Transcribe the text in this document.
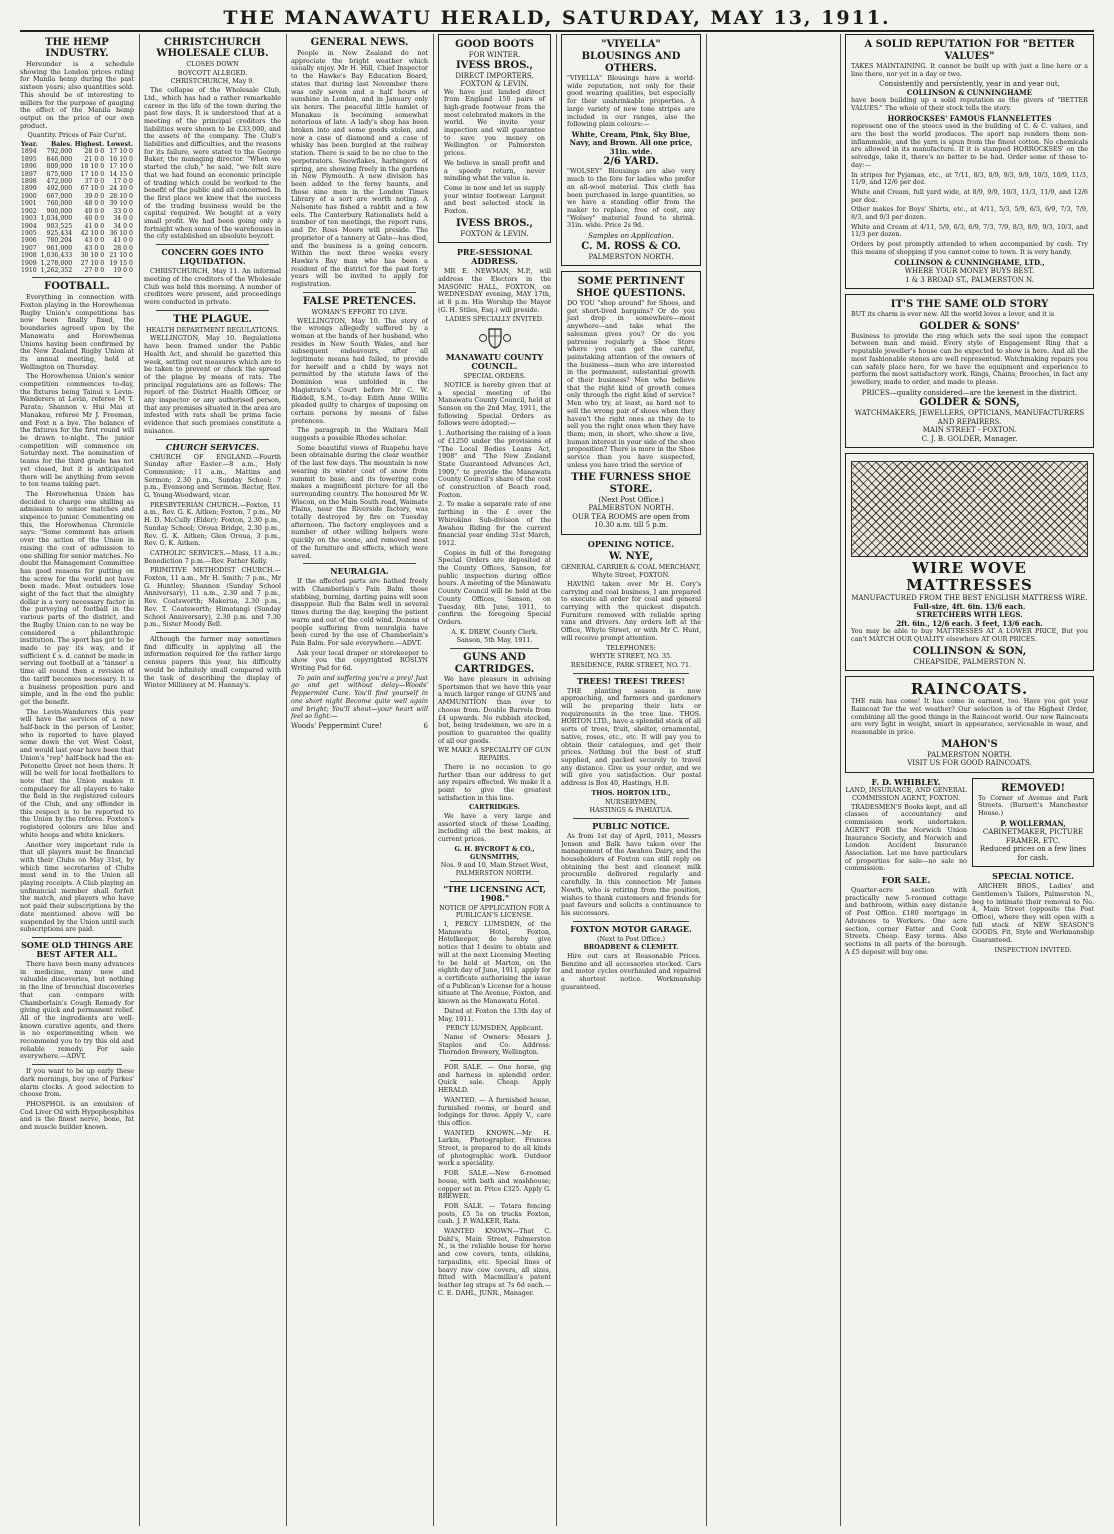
THE MANAWATU HERALD, SATURDAY, MAY 13, 1911.
THE HEMP INDUSTRY.

Hereunder is a schedule showing the London prices ruling for Manila hemp during the past sixteen years; also quantities sold. This should be of interesting to millers for the purpose of gauging the effect of the Manila hemp output on the price of our own product.

Quantity. Prices of Fair Cur'nt.
Year.	Bales.	Highest.	Lowest.
1894	792,000	28 0 0	17 10 0
1895	846,000	21 0 0	16 10 0
1896	809,000	18 10 0	17 10 0
1897	875,000	17 10 0	14 15 0
1898	472,000	37 0 0	17 0 0
1899	492,000	67 10 0	24 10 0
1900	667,000	39 0 0	28 10 0
1901	760,000	48 0 0	39 10 0
1902	900,000	49 0 0	33 0 0
1903	1,034,000	40 0 0	34 0 0
1904	903,525	41 0 0	34 0 0
1905	925,434	42 10 0	36 10 0
1906	780,204	43 0 0	41 0 0
1907	961,000	43 0 0	28 0 0
1908	1,036,433	30 10 0	21 10 0
1909	1,278,000	27 10 0	19 15 0
1910	1,262,352	27 0 0	19 0 0
FOOTBALL.

Everything in connection with Foxton playing in the Horowhenua Rugby Union's competitions has now been finally fixed, the boundaries agreed upon by the Manawatu and Horowhenua Unions having been confirmed by the New Zealand Rugby Union at its annual meeting, held at Wellington on Thursday.

The Horowhenua Union's senior competition commences to-day, the fixtures being Tainui v. Levin-Wanderers at Levin, referee M T. Parata; Shannon v. Hui Mai at Manakau, referee Mr J. Freeman, and Foxt n a bye. The balance of the fixtures for the first round will be drawn to-night. The junior competition will commence on Saturday next. The nomination of teams for the third grade has not yet closed, but it is anticipated there will be anything from seven to ten teams taking part.

The Horowhenua Union has decided to charge one shilling as admission to senior matches and sixpence to junior. Commenting on this, the Horowhenua Chronicle says: "Some comment has arisen over the action of the Union in raising the cost of admission to one shilling for senior matches. No doubt the Management Committee has good reasons for putting on the screw for the world not have been made. Most outsiders lose sight of the fact that the almighty dollar is a very necessary factor in the purveying of football in the various parts of the district, and the Rugby Union can to no way be considered a philanthropic institution. The sport has got to be made to pay its way, and if sufficient £ s. d. cannot be made in serving out football at a 'tanner' a time all round then a revision of the tariff becomes necessary. It is a business proposition pure and simple, and in the end the public get the benefit.

The Levin-Wanderers this year will have the services of a new half-back in the person of Lester, who is reported to have played some down the vet West Coast, and would last year have been that Union's "rep" half-back had the ex-Petonette Greet not been there. It will be well for local footballers to note that the Union makes it compulsory for all players to take the field in the registered colours of the Club, and any offender in this respect is to be reported to the Union by the referee. Foxton's registered colours are blue and white hoops and white knickers.

Another very important rule is that all players must be financial with their Clubs on May 31st, by which time secretaries of Clubs must send in to the Union all playing receipts. A Club playing an unfinancial member shall forfeit the match, and players who have not paid their subscriptions by the date mentioned above will be suspended by the Union until such subscriptions are paid.

SOME OLD THINGS ARE BEST AFTER ALL.

There have been many advances in medicine, many new and valuable discoveries, but nothing in the line of bronchial discoveries that can compare with Chamberlain's Cough Remedy for giving quick and permanent relief. All of the ingredients are well-known curative agents, and there is no experimenting when we recommend you to try this old and reliable remedy. For sale everywhere.—ADVT.

If you want to be up early these dark mornings, buy one of Parkes' alarm clocks. A good selection to choose from.

PHOSPHOL is an emulsion of Cod Liver Oil with Hypophosphites and is the finest nerve, bone, fat and muscle builder known.

CHRISTCHURCH WHOLESALE CLUB.
CLOSES DOWN
BOYCOTT ALLEGED.
CHRISTCHURCH, May 9.

The collapse of the Wholesale Club, Ltd., which has had a rather remarkable career in the life of the town during the past few days. It is understood that at a meeting of the principal creditors the liabilities were shown to be £33,000, and the assets of the company. The Club's liabilities and difficulties, and the reasons for its failure, were stated to the George Baker, the managing director. "When we started the club," he said, "we felt sure that we had found an economic principle of trading which could be worked to the benefit of the public and all concerned. In the first place we knew that the success of the trading business would be the capital required. We bought at a very small profit. We had been going only a fortnight when some of the warehouses in the city established an absolute boycott.

CONCERN GOES INTO LIQUIDATION.

CHRISTCHURCH, May 11. An informal meeting of the creditors of the Wholesale Club was held this morning. A number of creditors were present, and proceedings were conducted in private.

THE PLAGUE.
HEALTH DEPARTMENT REGULATIONS.

WELLINGTON, May 10. Regulations have been framed under the Public Health Act, and should be gazetted this week, setting out measures which are to be taken to prevent or check the spread of the plague by means of rats. The principal regulations are as follows: The report of the District Health Officer, or any inspector or any authorised person, that any premises situated in the area are infested with rats shall be prima facie evidence that such premises constitute a nuisance.

CHURCH SERVICES.

CHURCH OF ENGLAND.—Fourth Sunday after Easter.—8 a.m., Holy Communion; 11 a.m., Mattins and Sermon; 2.30 p.m., Sunday School; 7 p.m., Evensong and Sermon. Rector, Rev. G. Young-Woodward, vicar.

PRESBYTERIAN CHURCH.—Foxton, 11 a.m., Rev. G. K. Aitken; Foxton, 7 p.m., Mr H. D. McCully (Elder); Foxton, 2.30 p.m., Sunday School; Oroua Bridge, 2.30 p.m., Rev. G. K. Aitken; Glen Oroua, 3 p.m., Rev. G. K. Aitken.

CATHOLIC SERVICES.—Mass, 11 a.m.; Benediction 7 p.m.—Rev. Father Kelly.

PRIMITIVE METHODIST CHURCH.—Foxton, 11 a.m., Mr H. Smith; 7 p.m., Mr G. Huntley; Shannon (Sunday School Anniversary), 11 a.m., 2.30 and 7 p.m., Rev. Coatsworth; Makerua, 2.30 p.m., Rev. T. Coatsworth; Himatangi (Sunday School Anniversary), 2.30 p.m. and 7.30 p.m., Sister Moody Bell.

Although the farmer may sometimes find difficulty in applying all the information required for the rather large census papers this year, his difficulty would be infinitely small compared with the task of describing the display of Winter Millinery at M. Hannay's.

GENERAL NEWS.

People in New Zealand do not appreciate the bright weather which usually enjoy. Mr H. Hill, Chief Inspector to the Hawke's Bay Education Board, states that during last November there was only seven and a half hours of sunshine in London, and in January only six hours. The peaceful little hamlet of Manakau is becoming somewhat notorious of late. A lady's shop has been broken into and some goods stolen, and now a case of diamond and a case of whisky has been burgled at the railway station. There is said to be no clue to the perpetrators. Snowflakes, harbingers of spring, are showing freely in the gardens in New Plymouth. A new division has been added to the ferny haunts, and those nine men in the London Times Library of a sort are worth noting. A Nelsonite has fished a rabbit and a few eels. The Canterbury Rationalists held a number of ten meetings, the report runs, and Dr. Ross Moore will preside. The proprietor of a tannery at Gate—has died, and the business is a going concern. Within the next three weeks every Hawke's Bay man who has been a resident of the district for the past forty years will be invited to apply for registration.

FALSE PRETENCES.
WOMAN'S EFFORT TO LIVE.

WELLINGTON, May 10. The story of the wrongs allegedly suffered by a woman at the hands of her husband, who resides in New South Wales, and her subsequent endeavours, after all legitimate means had failed, to provide for herself and a child by ways not permitted by the statute laws of the Dominion was unfolded in the Magistrate's Court before Mr C. W. Riddell, S.M., to-day. Edith Anne Willis pleaded guilty to charges of imposing on certain persons by means of false pretences.

The paragraph in the Waitara Mail suggests a possible Rhodes scholar.

Some beautiful views of Ruapehu have been obtainable during the clear weather of the last few days. The mountain is now wearing its winter coat of snow from summit to base, and its towering cone makes a magnificent picture for all the surrounding country. The honoured Mr W. Wiscon, on the Main South road, Waimate Plains, near the Riverside factory, was totally destroyed by fire on Tuesday afternoon. The factory employees and a number of other willing helpers were quickly on the scene, and removed most of the furniture and effects, which were saved.

NEURALGIA.

If the affected parts are bathed freely with Chamberlain's Pain Balm those stabbing, burning, darting pains will soon disappear. Rub the Balm well in several times during the day, keeping the patient warm and out of the cold wind. Dozens of people suffering from neuralgia have been cured by the use of Chamberlain's Pain Balm. For sale everywhere.—ADVT.

Ask your local draper or storekeeper to show you the copyrighted ROSLYN Writing Pad for 6d.

To pain and suffering you're a prey! Just go and get without delay—Woods' Peppermint Cure. You'll find yourself in one short night Become quite well again and bright; You'll shout—your heart will feel so light:—

Woods' Peppermint Cure!	6
GOOD BOOTS
FOR WINTER.
IVESS BROS.,
DIRECT IMPORTERS,
FOXTON & LEVIN.

We have just landed direct from England 150 pairs of high-grade footwear from the most celebrated makers in the world. We invite your inspection and will guarantee to save you money on Wellington or Palmerston prices.

We believe in small profit and a speedy return, never minding what the value is.

Come in now and let us supply your winter footwear. Largest and best selected stock in Foxton.

IVESS BROS.,
FOXTON & LEVIN.
PRE-SESSIONAL ADDRESS.

MR E. NEWMAN, M.P., will address the Electors in the MASONIC HALL, FOXTON, on WEDNESDAY evening, MAY 17th, at 8 p.m. His Worship the Mayor (G. H. Stiles, Esq.) will preside.

LADIES SPECIALLY INVITED.
MANAWATU COUNTY COUNCIL.
SPECIAL ORDERS.

NOTICE is hereby given that at a special meeting of the Manawatu County Council, held at Sanson on the 2nd May, 1911, the following Special Orders as follows were adopted:—

1. Authorising the raising of a loan of £1250 under the provisions of "The Local Bodies Loans Act, 1908" and "The New Zealand State Guaranteed Advances Act, 1909," to provide the Manawatu County Council's share of the cost of construction of Beach road, Foxton.

2. To make a separate rate of one farthing in the £ over the Whirokino Sub-division of the Awahou Riding for the current financial year ending 31st March, 1912.

Copies in full of the foregoing Special Orders are deposited at the County Offices, Sanson, for public inspection during office hours. A meeting of the Manawatu County Council will be held at the County Offices, Sanson, on Tuesday, 6th June, 1911, to confirm the foregoing Special Orders.

A. K. DREW, County Clerk.
Sanson, 5th May, 1911.
GUNS AND CARTRIDGES.

We have pleasure in advising Sportsmen that we have this year a much larger range of GUNS and AMMUNITION than ever to choose from. Double Barrels from £4 upwards. No rubbish stocked, but, being tradesmen, we are in a position to guarantee the quality of all our goods.

WE MAKE A SPECIALITY OF GUN REPAIRS.

There is no occasion to go further than our address to get any repairs effected. We make it a point to give the greatest satisfaction in this line.

CARTRIDGES.

We have a very large and assorted stock of these Loading, including all the best makes, at current prices.

G. H. BYCROFT & CO., GUNSMITHS,
Nos. 9 and 10, Main Street West, PALMERSTON NORTH.
"THE LICENSING ACT, 1908."
NOTICE OF APPLICATION FOR A PUBLICAN'S LICENSE.

I, PERCY LUMSDEN, of the Manawatu Hotel, Foxton, Hotelkeeper, do hereby give notice that I desire to obtain and will at the next Licensing Meeting to be held at Marton, on the eighth day of June, 1911, apply for a certificate authorising the issue of a Publican's License for a house situate at The Avenue, Foxton, and known as the Manawatu Hotel.

Dated at Foxton the 13th day of May, 1911.

PERCY LUMSDEN, Applicant.

Name of Owners: Messrs J. Staples and Co. Address: Thorndon Brewery, Wellington.

FOR SALE. — One horse, gig and harness in splendid order. Quick sale. Cheap. Apply HERALD.

WANTED. — A furnished house, furnished rooms, or board and lodgings for three. Apply V., care this office.

WANTED KNOWN.—Mr H. Larkin, Photographer, Frances Street, is prepared to do all kinds of photographic work. Outdoor work a speciality.

FOR SALE.—New 6-roomed house, with bath and washhouse; copper set in. Price £325. Apply G. BREWER.

FOR SALE. — Totara fencing posts, £5 5s on trucks Foxton, cash. J. P. WALKER, Rata.

WANTED KNOWN—That C. Dahl's, Main Street, Palmerston N., is the reliable house for horse and cow covers, tents, oilskins, tarpaulins, etc. Special lines of heavy raw cow covers, all sizes, fitted with Macmillan's patent leather leg straps at 7s 6d each.—C. E. DAHL, JUNR., Manager.

"VIYELLA" BLOUSINGS AND OTHERS.

"VIYELLA" Blousings have a world-wide reputation, not only for their good wearing qualities, but especially for their unshrinkable properties. A large variety of new tone stripes are included in our ranges, also the following plain colours:—

White, Cream, Pink, Sky Blue, Navy, and Brown. All one price, 31in. wide.
2/6 YARD.

"WOLSEY" Blousings are also very much to the fore for ladies who prefer an all-wool material. This cloth has been purchased in large quantities, so we have a standing offer from the maker to replace, free of cost, any "Wolsey" material found to shrink. 31in. wide. Price 2s 9d.

Samples on Application.
C. M. ROSS & CO.
PALMERSTON NORTH.
SOME PERTINENT SHOE QUESTIONS.

DO YOU "shop around" for Shoes, and get short-lived bargains? Or do you just drop in somewhere—most anywhere—and take what the salesman gives you? Or do you patronise regularly a Shoe Store where you can get the careful, painstaking attention of the owners of the business—men who are interested in the permanent, substantial growth of their business? Men who believe that the right kind of growth comes only through the right kind of service? Men who try, at least, as hard not to sell the wrong pair of shoes when they haven't the right ones as they do to sell you the right ones when they have them; men, in short, who show a live, human interest in your side of the shoe proposition? There is more in the Shoe service than you have suspected, unless you have tried the service of

THE FURNESS SHOE STORE.
(Next Post Office.)
PALMERSTON NORTH.
OUR TEA ROOMS are open from 10.30 a.m. till 5 p.m.
OPENING NOTICE.
W. NYE,
GENERAL CARRIER & COAL MERCHANT,
Whyte Street, FOXTON.

HAVING taken over Mr H. Cory's carrying and coal business, I am prepared to execute all order for coal and general carrying with the quickest dispatch. Furniture removed with reliable spring vans and drivers. Any orders left at the Office, Whyte Street, or with Mr C. Hunt, will receive prompt attention.

TELEPHONES:
WHYTE STREET, NO. 35.
RESIDENCE, PARK STREET, NO. 71.
TREES! TREES! TREES!

THE planting season is now approaching, and farmers and gardeners will be preparing their lists or requirements in the tree line. THOS. HORTON LTD., have a splendid stock of all sorts of trees, fruit, shelter, ornamental, native, roses, etc., etc. It will pay you to obtain their catalogues, and get their prices. Nothing but the best of stuff supplied, and packed securely to travel any distance. Give us your order, and we will give you satisfaction. Our postal address is Box 40, Hastings, H.B.

THOS. HORTON LTD.,
NURSERYMEN,
HASTINGS & PAHIATUA.
PUBLIC NOTICE.

As from 1st day of April, 1911, Messrs Jenson and Balk have taken over the management of the Awahou Dairy, and the householders of Foxton can still reply on obtaining the best and cleanest milk procurable delivered regularly and carefully. In this connection Mr James Newth, who is retiring from the position, wishes to thank customers and friends for past favours and solicits a continuance to his successors.

FOXTON MOTOR GARAGE.
(Next to Post Office.)
BROADBENT & CLEMETT.

Hire out cars at Reasonable Prices. Benzine and all accessories stocked. Cars and motor cycles overhauled and repaired a shortest notice. Workmanship guaranteed.

A SOLID REPUTATION FOR "BETTER VALUES"

TAKES MAINTAINING. It cannot be built up with just a line here or a line there, nor yet in a day or two.

Consistently and persistently, year in and year out,
COLLINSON & CUNNINGHAME

have been building up a solid reputation as the givers of "BETTER VALUES." The whole of their stock tells the story.

HORROCKSES' FAMOUS FLANNELETTES

represent one of the stoocs used in the building of C. & C. values, and are the best the world produces. The sport nap renders them non-inflammable, and the yarn is spun from the finest cotton. No chemicals are allowed in its manufacture. If it is stamped HORROCKSES' on the selvedge, take it, there's no better to be had. Order some of these to-day:—

In stripes for Pyjamas, etc., at 7/11, 8/3, 8/9, 9/3, 9/9, 10/3, 10/9, 11/3, 11/9, and 12/6 per doz.

White and Cream, full yard wide, at 8/9, 9/9, 10/3, 11/3, 11/9, and 12/6 per doz.

Other makes for Boys' Shirts, etc., at 4/11, 5/3, 5/9, 6/3, 6/9, 7/3, 7/9, 8/3, and 9/3 per dozen.

White and Cream at 4/11, 5/9, 6/3, 6/9, 7/3, 7/9, 8/3, 8/9, 9/3, 10/3, and 11/3 per dozen.

Orders by post promptly attended to when accompanied by cash. Try this means of shopping if you cannot come to town. It is very handy.

COLLINSON & CUNNINGHAME, LTD.,
WHERE YOUR MONEY BUYS BEST.
1 & 3 BROAD ST., PALMERSTON N.
IT'S THE SAME OLD STORY

BUT its charm is ever new. All the world loves a lover, and it is

GOLDER & SONS'

Business to provide the ring which sets the seal upon the compact between man and maid. Every style of Engagement Ring that a reputable jeweller's house can be expected to show is here. And all the most fashionable stones are well represented. Watchmaking repairs you can safely place here, for we have the equipment and experience to perform the most satisfactory work. Rings, Chains, Brooches, in fact any jewellery, made to order, and made to please.

PRICES—quality considered—are the keenest in the district.
GOLDER & SONS,
WATCHMAKERS, JEWELLERS, OPTICIANS, MANUFACTURERS AND REPAIRERS.
MAIN STREET - FOXTON.
C. J. B. GOLDER, Manager.
WIRE WOVE MATTRESSES
MANUFACTURED FROM THE BEST ENGLISH MATTRESS WIRE.
Full-size, 4ft. 6in. 13/6 each.
STRETCHERS WITH LEGS.
2ft. 6in., 12/6 each. 3 feet, 13/6 each.

You may be able to buy MATTRESSES AT A LOWER PRICE, But you can't MATCH OUR QUALITY elsewhere AT OUR PRICES.

COLLINSON & SON,
CHEAPSIDE, PALMERSTON N.
RAINCOATS.

THE rain has come! It has come in earnest, too. Have you got your Raincoat for the wet weather? Our selection is of the Highest Order, combining all the good things in the Raincoat world. Our new Raincoats are very light in weight, smart in appearance, serviceable in wear, and reasonable in price.

MAHON'S
PALMERSTON NORTH.
VISIT US FOR GOOD RAINCOATS.
F. D. WHIBLEY.
LAND, INSURANCE, AND GENERAL COMMISSION AGENT, FOXTON.

TRADESMEN'S Books kept, and all classes of accountancy and commission work undertaken. AGENT FOR the Norwich Union Insurance Society, and Norwich and London Accident Insurance Association. Let me have particulars of properties for sale—no sale no commission.

FOR SALE.

Quarter-acre section with practically new 5-roomed cottage and bathroom, within easy distance of Post Office. £180 mortgage in Advances to Workers. One acre section, corner Fatter and Cook Streets. Cheap. Easy terms. Also sections in all parts of the borough. A £5 deposit will buy one.

REMOVED!

To Corner of Avenue and Park Streets. (Burnett's Manchester House.)

P. WOLLERMAN,
CABINETMAKER, PICTURE FRAMER, ETC.
Reduced prices on a few lines for cash.
SPECIAL NOTICE.

ARCHER BROS., Ladies' and Gentlemen's Tailors, Palmerston N., beg to intimate their removal to No. 4, Main Street (opposite the Post Office), where they will open with a full stock of NEW SEASON'S GOODS. Fit, Style and Workmanship Guaranteed.

INSPECTION INVITED.
